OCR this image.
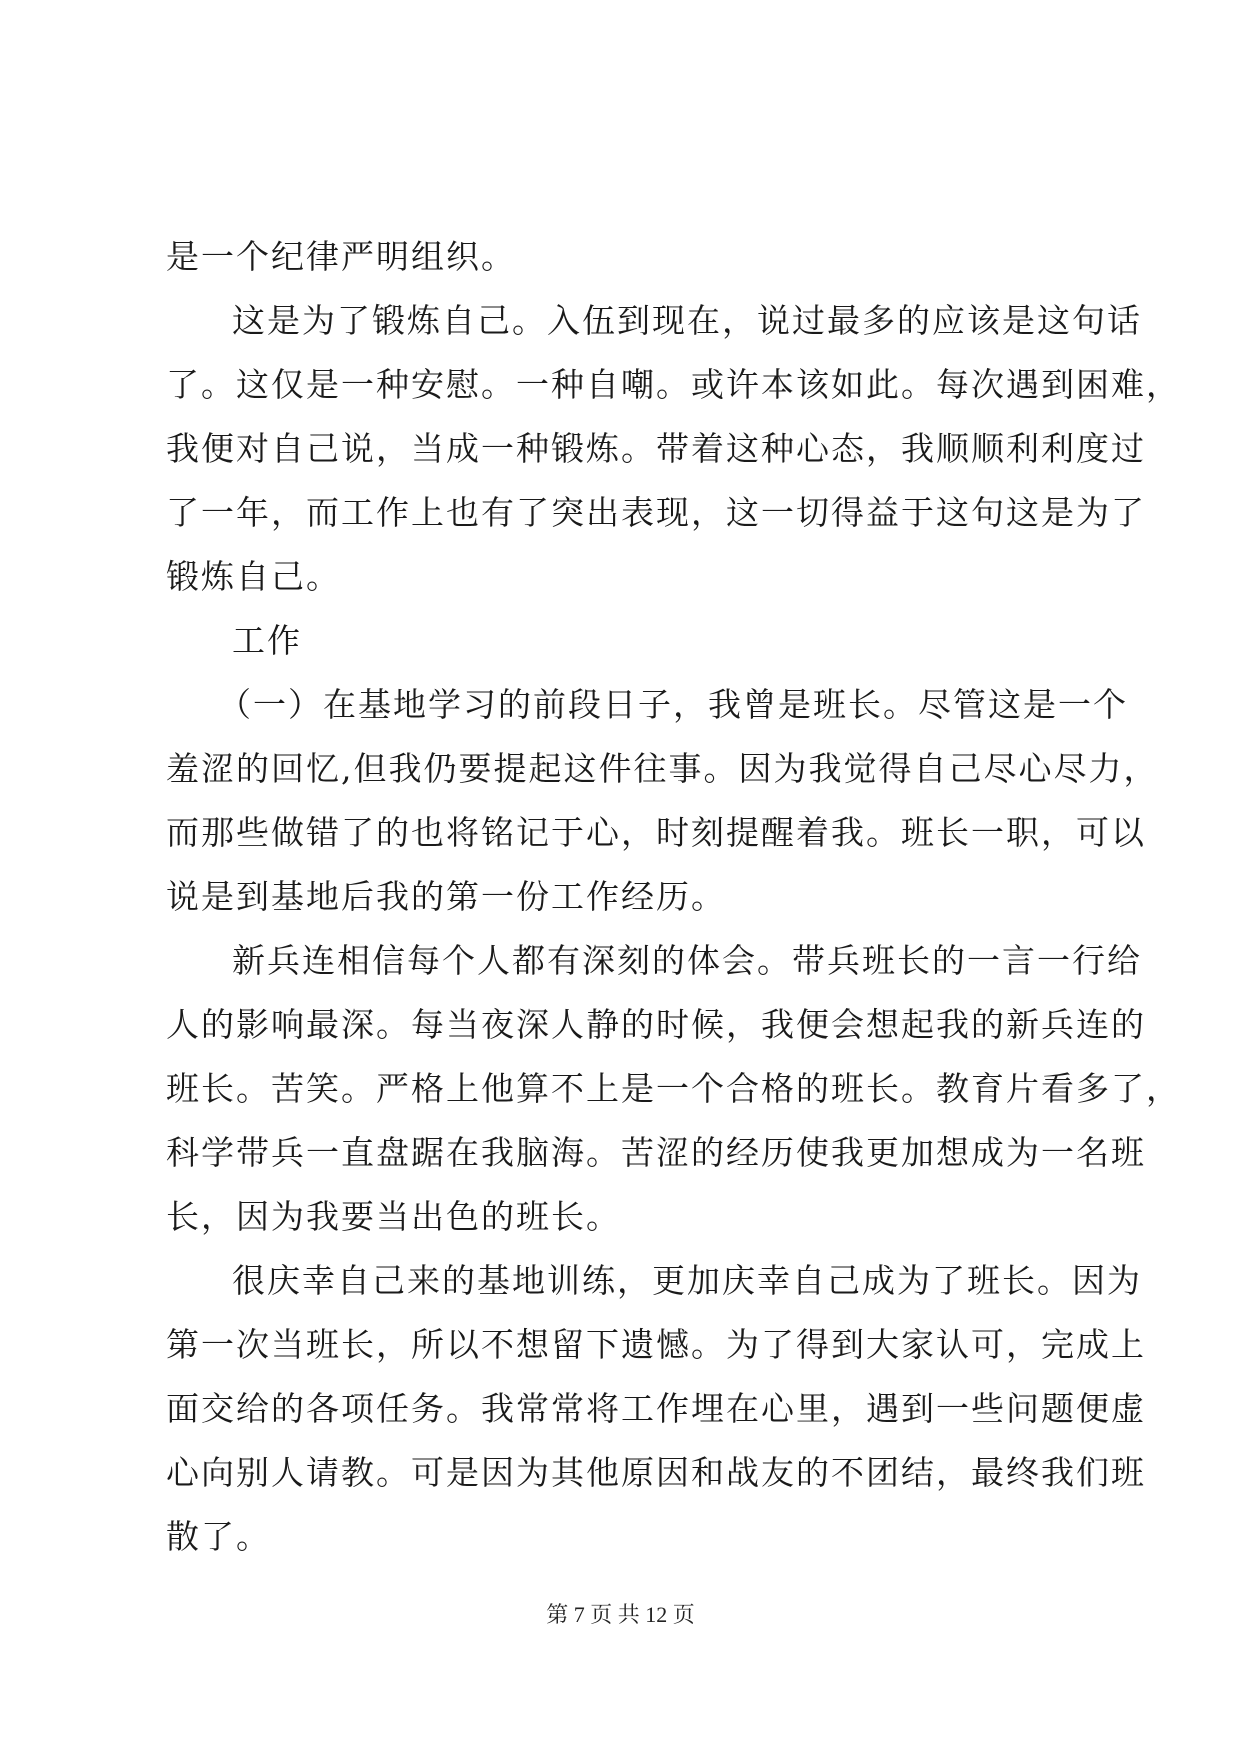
是一个纪律严明组织。
这是为了锻炼自己。入伍到现在，说过最多的应该是这句话
了。这仅是一种安慰。一种自嘲。或许本该如此。每次遇到困难，
我便对自己说，当成一种锻炼。带着这种心态，我顺顺利利度过
了一年，而工作上也有了突出表现，这一切得益于这句这是为了
锻炼自己。
工作
（一）在基地学习的前段日子，我曾是班长。尽管这是一个
羞涩的回忆,但我仍要提起这件往事。因为我觉得自己尽心尽力，
而那些做错了的也将铭记于心，时刻提醒着我。班长一职，可以
说是到基地后我的第一份工作经历。
新兵连相信每个人都有深刻的体会。带兵班长的一言一行给
人的影响最深。每当夜深人静的时候，我便会想起我的新兵连的
班长。苦笑。严格上他算不上是一个合格的班长。教育片看多了，
科学带兵一直盘踞在我脑海。苦涩的经历使我更加想成为一名班
长，因为我要当出色的班长。
很庆幸自己来的基地训练，更加庆幸自己成为了班长。因为
第一次当班长，所以不想留下遗憾。为了得到大家认可，完成上
面交给的各项任务。我常常将工作埋在心里，遇到一些问题便虚
心向别人请教。可是因为其他原因和战友的不团结，最终我们班
散了。
第 7 页 共 12 页
